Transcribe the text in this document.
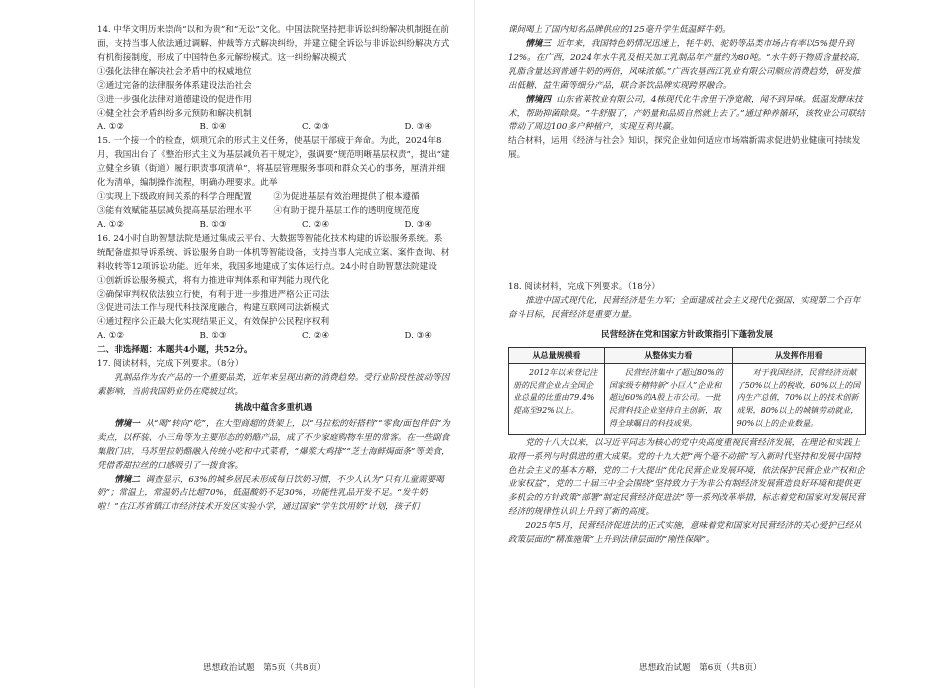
14. 中华文明历来崇尚“以和为贵”和“无讼”文化。中国法院坚持把非诉讼纠纷解决机制挺在前面，支持当事人依法通过调解、仲裁等方式解决纠纷，并建立健全诉讼与非诉讼纠纷解决方式有机衔接制度，形成了中国特色多元解纷模式。这一纠纷解决模式

①强化法律在解决社会矛盾中的权威地位

②通过完备的法律服务体系建设法治社会

③进一步强化法律对道德建设的促进作用

④健全社会矛盾纠纷多元预防和解决机制

A. ①②	B. ①④	C. ②③	D. ③④

15. 一个接一个的检查，烦琐冗余的形式主义任务，使基层干部疲于奔命。为此，2024年8月，我国出台了《整治形式主义为基层减负若干规定》，强调要“规范明晰基层权责”，提出“建立健全乡镇（街道）履行职责事项清单”，将基层管理服务事项和群众关心的事务，厘清并细化为清单，编制操作流程，明确办理要求。此举

①实现上下级政府间关系的科学合理配置	②为促进基层有效治理提供了根本遵循
③能有效赋能基层减负提高基层治理水平	④有助于提升基层工作的透明度规范度
A. ①②	B. ①③	C. ②④	D. ③④

16. 24小时自助智慧法院是通过集成云平台、大数据等智能化技术构建的诉讼服务系统。系统配备虚拟导诉系统、诉讼服务自助一体机等智能设备，支持当事人完成立案、案件查询、材料收转等12项诉讼功能。近年来，我国多地建成了实体运行点。24小时自助智慧法院建设

①创新诉讼服务模式，将有力推进审判体系和审判能力现代化

②确保审判权依法独立行使，有利于进一步推进严格公正司法

③促进司法工作与现代科技深度融合，构建互联网司法新模式

④通过程序公正最大化实现结果正义，有效保护公民程序权利

A. ①②	B. ①③	C. ②④	D. ③④

二、非选择题：本题共4小题，共52分。

17. 阅读材料，完成下列要求。（8分）

乳制品作为农产品的一个重要品类，近年来呈现出新的消费趋势。受行业阶段性波动等因素影响，当前我国奶业仍在爬坡过坎。

挑战中蕴含多重机遇

情境一 从“喝”转向“吃”，在大型商超的货架上，以“马拉松的好搭档”“零食/面包伴侣”为卖点，以杯装、小三角等为主要形态的奶酪产品，成了不少家庭购物车里的常客。在一些副食集散门店，马苏里拉奶酪融入传统小吃和中式菜肴，“爆浆大鸡排”“芝士海鲜焗面条”等美食，凭借香甜拉丝的口感吸引了一拨食客。

情境二 调查显示，63%的城乡居民未形成每日饮奶习惯，不少人认为“只有儿童需要喝奶”；常温上，常温奶占比超70%，低温酸奶不足30%，功能性乳品开发不足。“发牛奶啦！”在江苏省镇江市经济技术开发区实验小学，通过国家“学生饮用奶”计划，孩子们

思想政治试题　第5页（共8页）

课间喝上了国内知名品牌供应的125毫升学生低温鲜牛奶。

情境三 近年来，我国特色奶情况迅速上，牦牛奶、驼奶等品类市场占有率以5%提升到12%。在广西，2024年水牛乳及相关加工乳制品年产量约为80吨。“水牛奶干物质含量较高，乳脂含量达到普通牛奶的两倍，风味浓郁。”广西农垦西江乳业有限公司顺应消费趋势，研发推出低糖、益生菌等细分产品，联合茶饮品牌实现跨界融合。

情境四 山东省莱牧业有限公司，4栋现代化牛舍里干净宽敞，闻不到异味。低温发酵床技术，帮助抑菌除臭。“牛舒服了，产奶量和品质自然就上去了。”通过种养循环，该牧业公司联结带动了周边100多户种植户，实现互利共赢。

结合材料，运用《经济与社会》知识，探究企业如何适应市场端新需求促进奶业健康可持续发展。

18. 阅读材料，完成下列要求。（18分）

推进中国式现代化，民营经济是生力军；全面建成社会主义现代化强国、实现第二个百年奋斗目标，民营经济是重要力量。

民营经济在党和国家方针政策指引下蓬勃发展

从总量规模看	从整体实力看	从发挥作用看
2012年以来登记注册的民营企业占全国企业总量的比重由79.4%提高至92%以上。	民营经济集中了超过80%的国家级专精特新“小巨人”企业和超过60%的A股上市公司。一批民营科技企业坚持自主创新，取得全球瞩目的科技成果。	对于我国经济，民营经济贡献了50%以上的税收，60%以上的国内生产总值，70%以上的技术创新成果，80%以上的城镇劳动就业，90%以上的企业数量。

党的十八大以来，以习近平同志为核心的党中央高度重视民营经济发展，在理论和实践上取得一系列与时俱进的重大成果。党的十九大把“两个毫不动摇”写入新时代坚持和发展中国特色社会主义的基本方略，党的二十大提出“优化民营企业发展环境，依法保护民营企业产权和企业家权益”，党的二十届三中全会围绕“坚持致力于为非公有制经济发展营造良好环境和提供更多机会的方针政策”部署“制定民营经济促进法”等一系列改革举措，标志着党和国家对发展民营经济的规律性认识上升到了新的高度。

2025年5月，民营经济促进法的正式实施，意味着党和国家对民营经济的关心爱护已经从政策层面的“精准施策”上升到法律层面的“刚性保障”。

思想政治试题　第6页（共8页）
